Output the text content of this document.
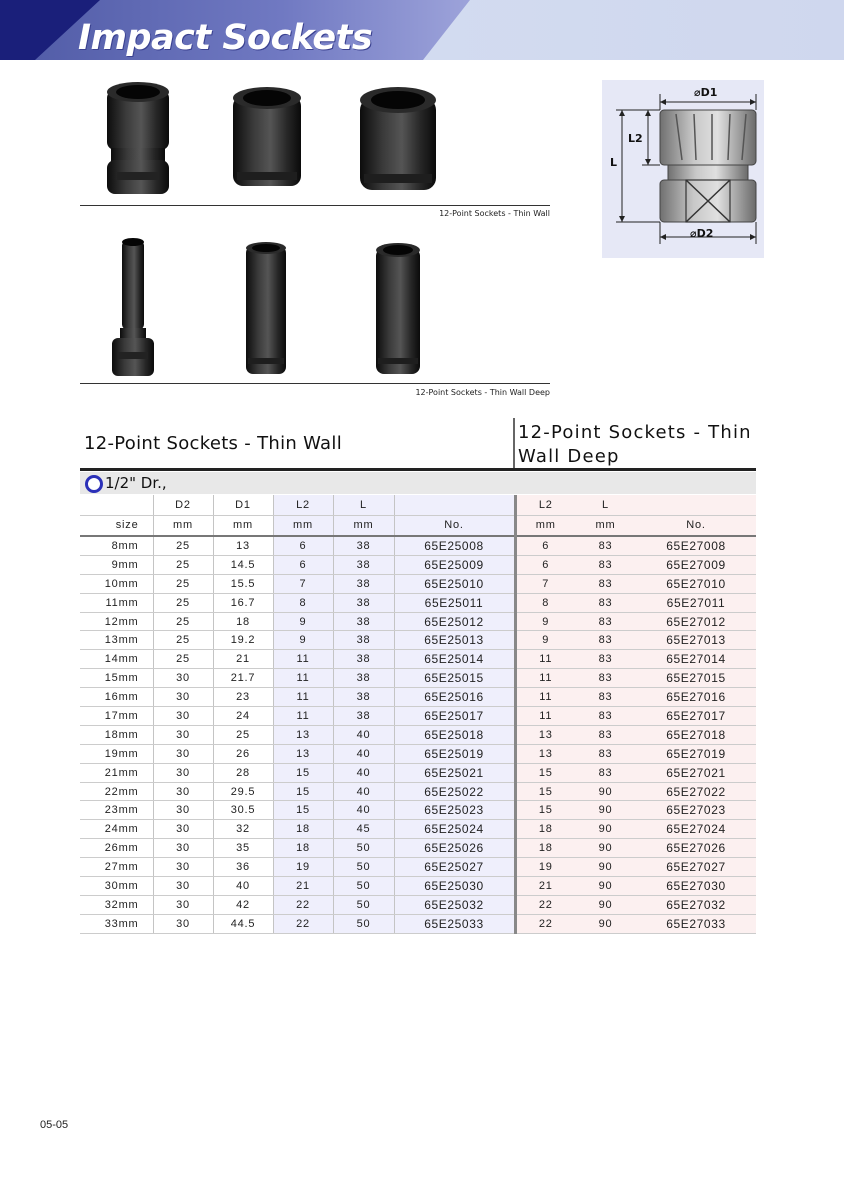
Impact Sockets
12-Point Sockets - Thin Wall
12-Point Sockets - Thin Wall Deep
⌀D1
⌀D2
L2
L
12-Point Sockets - Thin Wall
12-Point Sockets - Thin Wall Deep
1/2" Dr.,
	D2	D1	L2	L		L2	L	
size	mm	mm	mm	mm	No.	mm	mm	No.
8mm	25	13	6	38	65E25008	6	83	65E27008
9mm	25	14.5	6	38	65E25009	6	83	65E27009
10mm	25	15.5	7	38	65E25010	7	83	65E27010
11mm	25	16.7	8	38	65E25011	8	83	65E27011
12mm	25	18	9	38	65E25012	9	83	65E27012
13mm	25	19.2	9	38	65E25013	9	83	65E27013
14mm	25	21	11	38	65E25014	11	83	65E27014
15mm	30	21.7	11	38	65E25015	11	83	65E27015
16mm	30	23	11	38	65E25016	11	83	65E27016
17mm	30	24	11	38	65E25017	11	83	65E27017
18mm	30	25	13	40	65E25018	13	83	65E27018
19mm	30	26	13	40	65E25019	13	83	65E27019
21mm	30	28	15	40	65E25021	15	83	65E27021
22mm	30	29.5	15	40	65E25022	15	90	65E27022
23mm	30	30.5	15	40	65E25023	15	90	65E27023
24mm	30	32	18	45	65E25024	18	90	65E27024
26mm	30	35	18	50	65E25026	18	90	65E27026
27mm	30	36	19	50	65E25027	19	90	65E27027
30mm	30	40	21	50	65E25030	21	90	65E27030
32mm	30	42	22	50	65E25032	22	90	65E27032
33mm	30	44.5	22	50	65E25033	22	90	65E27033
05-05
